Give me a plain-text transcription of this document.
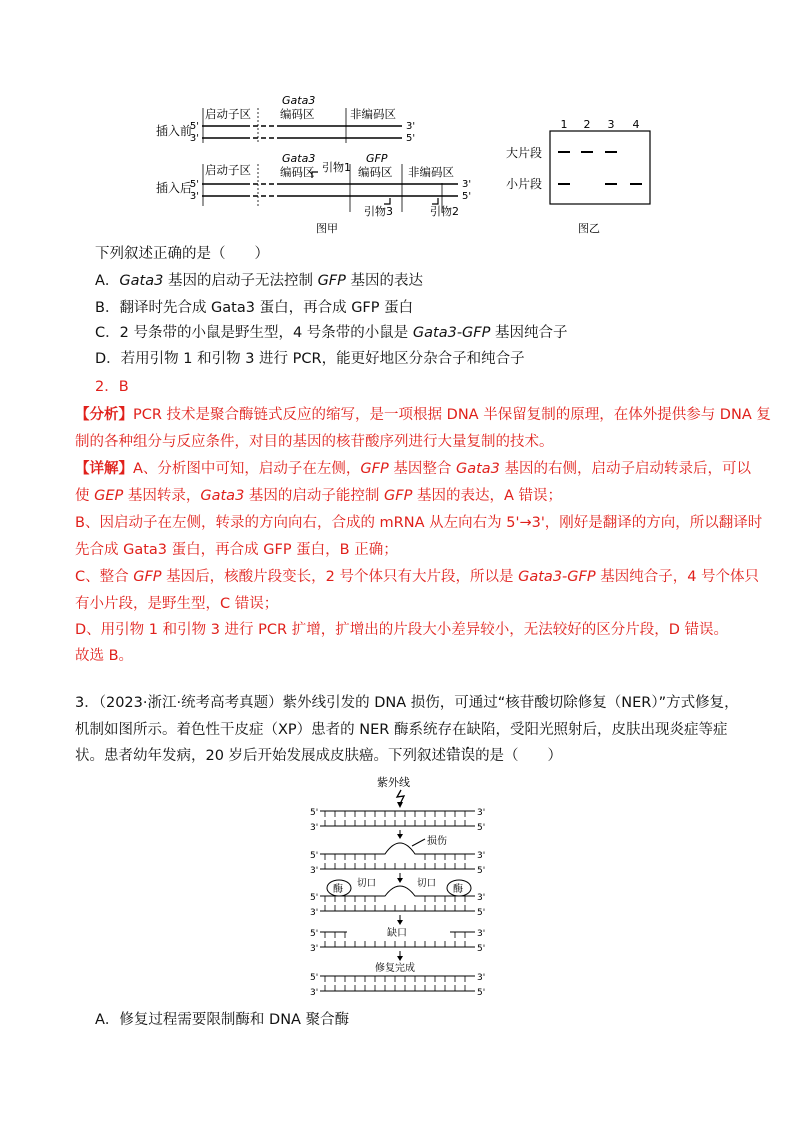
Gata3
启动子区	编码区	非编码区
插入前
5'
3'
3'
5'
Gata3	GFP
启动子区	编码区 引物1 编码区 非编码区
插入后
5'
3'
3'
5'
引物3	引物2
图甲
1 2 3 4
大片段
小片段
图乙
下列叙述正确的是（　　）
A．Gata3 基因的启动子无法控制 GFP 基因的表达
B．翻译时先合成 Gata3 蛋白，再合成 GFP 蛋白
C．2 号条带的小鼠是野生型，4 号条带的小鼠是 Gata3-GFP 基因纯合子
D．若用引物 1 和引物 3 进行 PCR，能更好地区分杂合子和纯合子
2．B
【分析】PCR 技术是聚合酶链式反应的缩写，是一项根据 DNA 半保留复制的原理，在体外提供参与 DNA 复
制的各种组分与反应条件，对目的基因的核苷酸序列进行大量复制的技术。
【详解】A、分析图中可知，启动子在左侧，GFP 基因整合 Gata3 基因的右侧，启动子启动转录后，可以
使 GEP 基因转录，Gata3 基因的启动子能控制 GFP 基因的表达，A 错误；
B、因启动子在左侧，转录的方向向右，合成的 mRNA 从左向右为 5'→3'，刚好是翻译的方向，所以翻译时
先合成 Gata3 蛋白，再合成 GFP 蛋白，B 正确；
C、整合 GFP 基因后，核酸片段变长，2 号个体只有大片段，所以是 Gata3-GFP 基因纯合子，4 号个体只
有小片段，是野生型，C 错误；
D、用引物 1 和引物 3 进行 PCR 扩增，扩增出的片段大小差异较小，无法较好的区分片段，D 错误。
故选 B。
3．（2023·浙江·统考高考真题）紫外线引发的 DNA 损伤，可通过“核苷酸切除修复（NER）”方式修复，
机制如图所示。着色性干皮症（XP）患者的 NER 酶系统存在缺陷，受阳光照射后，皮肤出现炎症等症
状。患者幼年发病，20 岁后开始发展成皮肤癌。下列叙述错误的是（　　）
紫外线
5'
3'
3'
5'
损伤
5'
3'
3'
5'
酶	酶
切口	切口
5'
3'
3'
5'
缺口
5'
3'
3'
5'
修复完成
5'
3'
3'
5'
A．修复过程需要限制酶和 DNA 聚合酶
